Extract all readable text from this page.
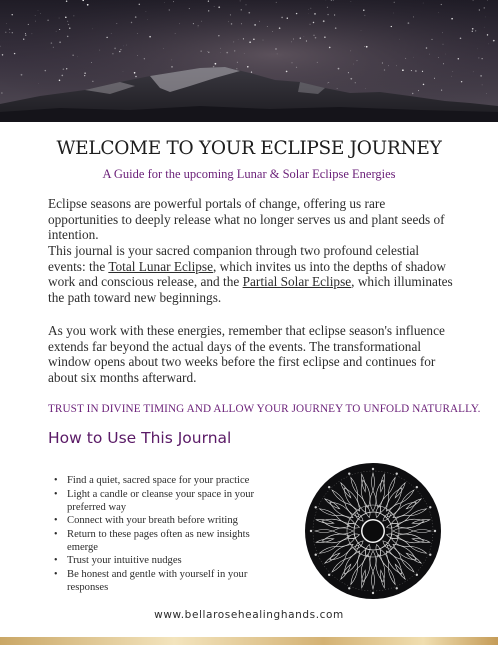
WELCOME TO YOUR ECLIPSE JOURNEY

A Guide for the upcoming Lunar & Solar Eclipse Energies

Eclipse seasons are powerful portals of change, offering us rare opportunities to deeply release what no longer serves us and plant seeds of intention.

This journal is your sacred companion through two profound celestial events: the Total Lunar Eclipse, which invites us into the depths of shadow work and conscious release, and the Partial Solar Eclipse, which illuminates the path toward new beginnings.

As you work with these energies, remember that eclipse season's influence extends far beyond the actual days of the events. The transformational window opens about two weeks before the first eclipse and continues for about six months afterward.

TRUST IN DIVINE TIMING AND ALLOW YOUR JOURNEY TO UNFOLD NATURALLY.

How to Use This Journal
• Find a quiet, sacred space for your practice
• Light a candle or cleanse your space in your preferred way
• Connect with your breath before writing
• Return to these pages often as new insights emerge
• Trust your intuitive nudges
• Be honest and gentle with yourself in your responses
www.bellarosehealinghands.com
